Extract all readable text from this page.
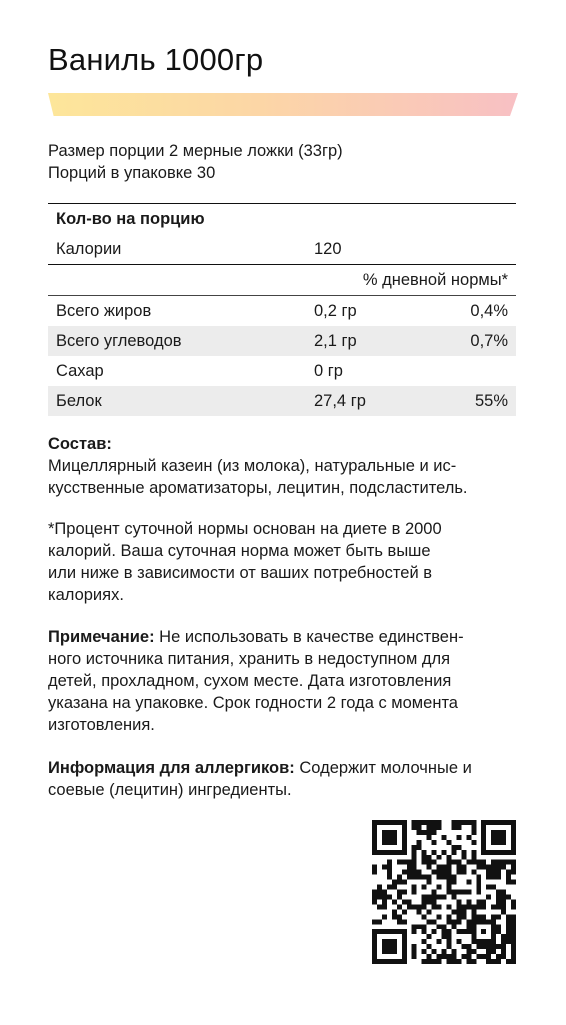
Ваниль 1000гр
Размер порции 2 мерные ложки (33гр)
Порций в упаковке 30
Кол-во на порцию
Калории	120
% дневной нормы*
Всего жиров	0,2 гр	0,4%
Всего углеводов	2,1 гр	0,7%
Сахар	0 гр
Белок	27,4 гр	55%
Состав:
Мицеллярный казеин (из молока), натуральные и ис-
кусственные ароматизаторы, лецитин, подсластитель.
*Процент суточной нормы основан на диете в 2000
калорий. Ваша суточная норма может быть выше
или ниже в зависимости от ваших потребностей в
калориях.
Примечание: Не использовать в качестве единствен-
ного источника питания, хранить в недоступном для
детей, прохладном, сухом месте. Дата изготовления
указана на упаковке. Срок годности 2 года с момента
изготовления.
Информация для аллергиков: Содержит молочные и
соевые (лецитин) ингредиенты.
